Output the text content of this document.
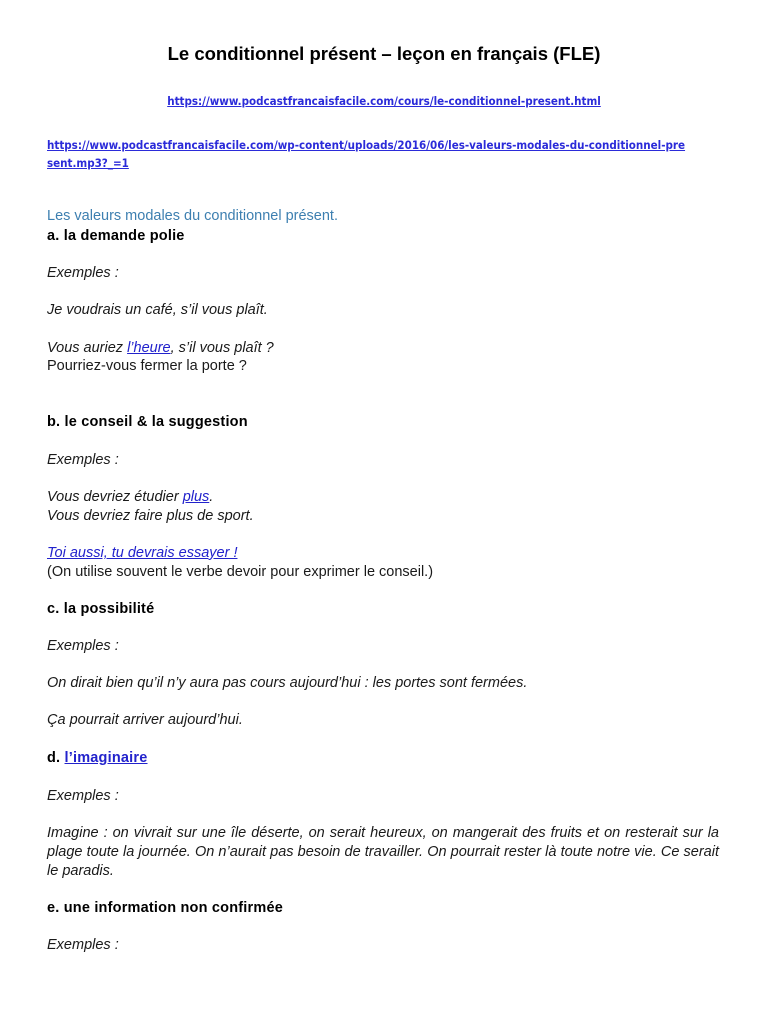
Le conditionnel présent – leçon en français (FLE)
https://www.podcastfrancaisfacile.com/cours/le-conditionnel-present.html
https://www.podcastfrancaisfacile.com/wp-content/uploads/2016/06/les-valeurs-modales-du-conditionnel-present.mp3?_=1
Les valeurs modales du conditionnel présent.
a. la demande polie
Exemples :
Je voudrais un café, s’il vous plaît.
Vous auriez l’heure, s’il vous plaît ?
Pourriez-vous fermer la porte ?
b. le conseil & la suggestion
Exemples :
Vous devriez étudier plus.
Vous devriez faire plus de sport.
Toi aussi, tu devrais essayer !
(On utilise souvent le verbe devoir pour exprimer le conseil.)
c. la possibilité
Exemples :
On dirait bien qu’il n’y aura pas cours aujourd’hui : les portes sont fermées.
Ça pourrait arriver aujourd’hui.
d. l’imaginaire
Exemples :
Imagine : on vivrait sur une île déserte, on serait heureux, on mangerait des fruits et on resterait sur la plage toute la journée. On n’aurait pas besoin de travailler. On pourrait rester là toute notre vie. Ce serait le paradis.
e. une information non confirmée
Exemples :
